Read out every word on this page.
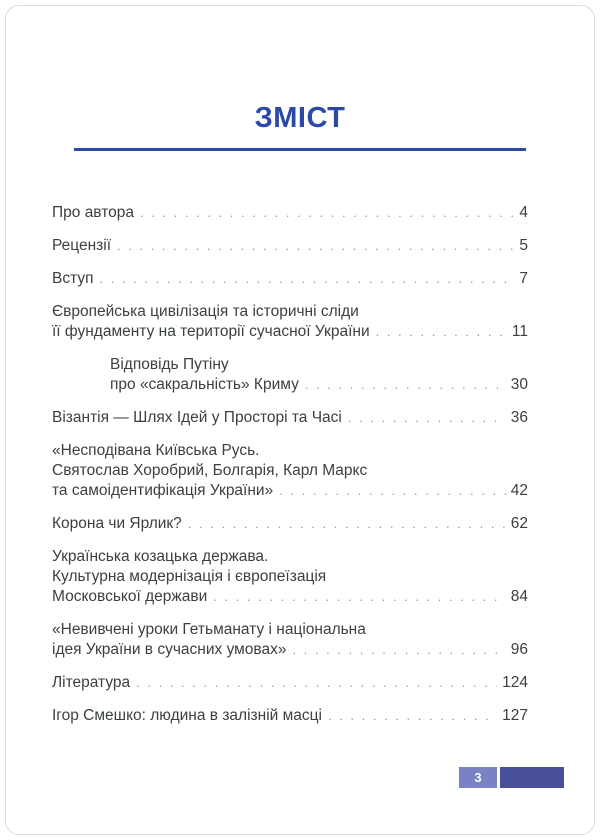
ЗМІСТ
Про автора . . .	4
Рецензії . . .	5
Вступ . . .	7
Європейська цивілізація та історичні сліди
її фундаменту на території сучасної України . . .	11
Відповідь Путіну
про «сакральність» Криму . . .	30
Візантія — Шлях Ідей у Просторі та Часі . . .	36
«Несподівана Київська Русь.
Святослав Хоробрий, Болгарія, Карл Маркс
та самоідентифікація України» . . .	42
Корона чи Ярлик? . . .	62
Українська козацька держава.
Культурна модернізація і європеїзація
Московської держави . . .	84
«Невивчені уроки Гетьманату і національна
ідея України в сучасних умовах» . . .	96
Література . . .	124
Ігор Смешко: людина в залізній масці . . .	127
3
